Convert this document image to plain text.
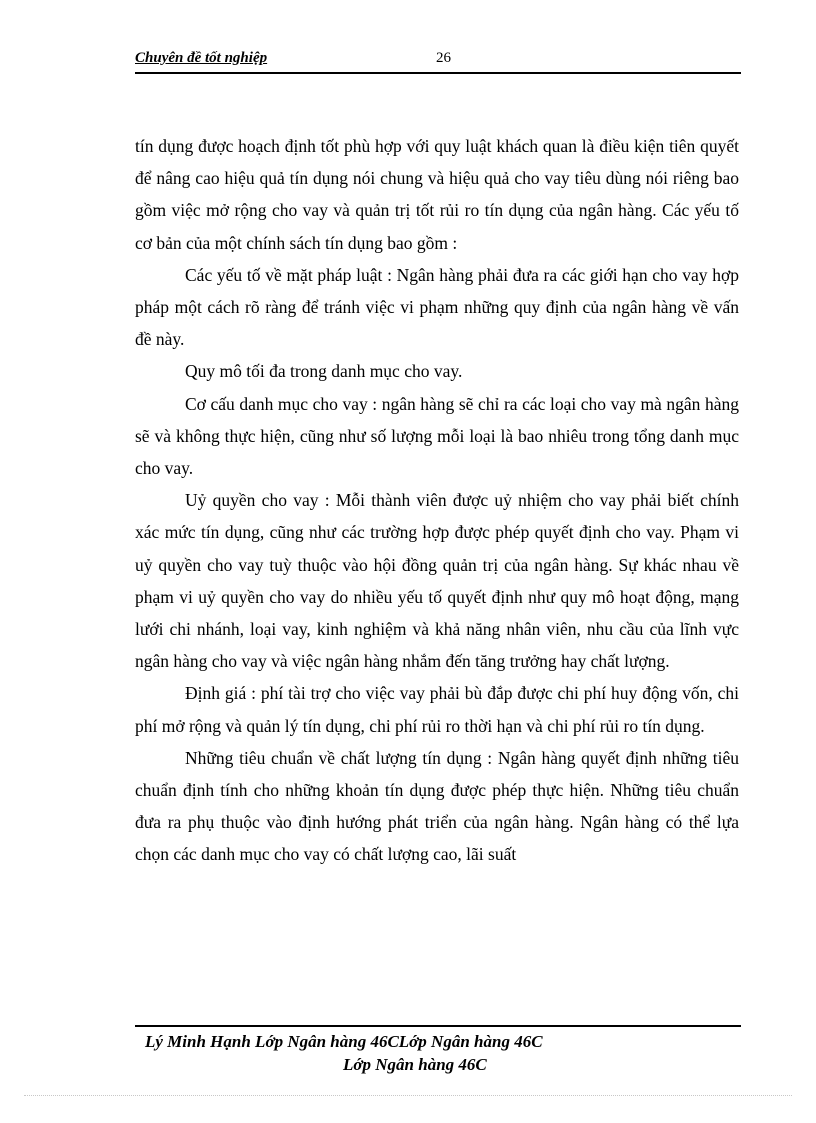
Chuyên đề tốt nghiệp	26

tín dụng được hoạch định tốt phù hợp với quy luật khách quan là điều kiện tiên quyết để nâng cao hiệu quả tín dụng nói chung và hiệu quả cho vay tiêu dùng nói riêng bao gồm việc mở rộng cho vay và quản trị tốt rủi ro tín dụng của ngân hàng. Các yếu tố cơ bản của một chính sách tín dụng bao gồm :

Các yếu tố về mặt pháp luật : Ngân hàng phải đưa ra các giới hạn cho vay hợp pháp một cách rõ ràng để tránh việc vi phạm những quy định của ngân hàng về vấn đề này.

Quy mô tối đa trong danh mục cho vay.

Cơ cấu danh mục cho vay : ngân hàng sẽ chỉ ra các loại cho vay mà ngân hàng sẽ và không thực hiện, cũng như số lượng mỗi loại là bao nhiêu trong tổng danh mục cho vay.

Uỷ quyền cho vay : Mỗi thành viên được uỷ nhiệm cho vay phải biết chính xác mức tín dụng, cũng như các trường hợp được phép quyết định cho vay. Phạm vi uỷ quyền cho vay tuỳ thuộc vào hội đồng quản trị của ngân hàng. Sự khác nhau về phạm vi uỷ quyền cho vay do nhiều yếu tố quyết định như quy mô hoạt động, mạng lưới chi nhánh, loại vay, kinh nghiệm và khả năng nhân viên, nhu cầu của lĩnh vực ngân hàng cho vay và việc ngân hàng nhắm đến tăng trưởng hay chất lượng.

Định giá : phí tài trợ cho việc vay phải bù đắp được chi phí huy động vốn, chi phí mở rộng và quản lý tín dụng, chi phí rủi ro thời hạn và chi phí rủi ro tín dụng.

Những tiêu chuẩn về chất lượng tín dụng : Ngân hàng quyết định những tiêu chuẩn định tính cho những khoản tín dụng được phép thực hiện. Những tiêu chuẩn đưa ra phụ thuộc vào định hướng phát triển của ngân hàng. Ngân hàng có thể lựa chọn các danh mục cho vay có chất lượng cao, lãi suất

Lý Minh Hạnh Lớp Ngân hàng 46CLớp Ngân hàng 46C
Lớp Ngân hàng 46C
